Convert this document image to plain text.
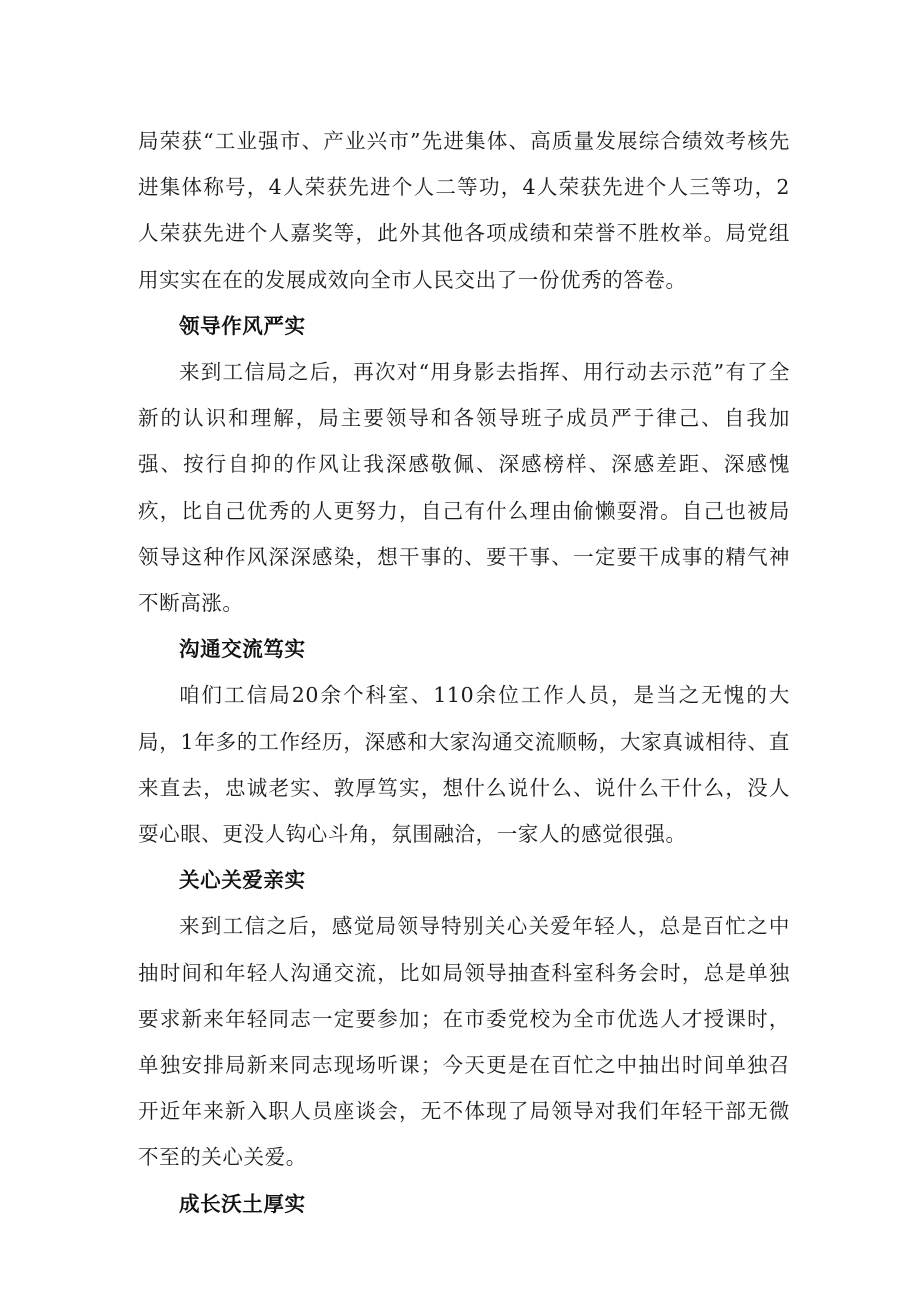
局荣获“工业强市、产业兴市”先进集体、高质量发展综合绩效考核先进集体称号，4人荣获先进个人二等功，4人荣获先进个人三等功，2人荣获先进个人嘉奖等，此外其他各项成绩和荣誉不胜枚举。局党组用实实在在的发展成效向全市人民交出了一份优秀的答卷。

领导作风严实

来到工信局之后，再次对“用身影去指挥、用行动去示范”有了全新的认识和理解，局主要领导和各领导班子成员严于律己、自我加强、按行自抑的作风让我深感敬佩、深感榜样、深感差距、深感愧疚，比自己优秀的人更努力，自己有什么理由偷懒耍滑。自己也被局领导这种作风深深感染，想干事的、要干事、一定要干成事的精气神不断高涨。

沟通交流笃实

咱们工信局20余个科室、110余位工作人员，是当之无愧的大局，1年多的工作经历，深感和大家沟通交流顺畅，大家真诚相待、直来直去，忠诚老实、敦厚笃实，想什么说什么、说什么干什么，没人耍心眼、更没人钩心斗角，氛围融洽，一家人的感觉很强。

关心关爱亲实

来到工信之后，感觉局领导特别关心关爱年轻人，总是百忙之中抽时间和年轻人沟通交流，比如局领导抽查科室科务会时，总是单独要求新来年轻同志一定要参加；在市委党校为全市优选人才授课时，单独安排局新来同志现场听课；今天更是在百忙之中抽出时间单独召开近年来新入职人员座谈会，无不体现了局领导对我们年轻干部无微不至的关心关爱。

成长沃土厚实
